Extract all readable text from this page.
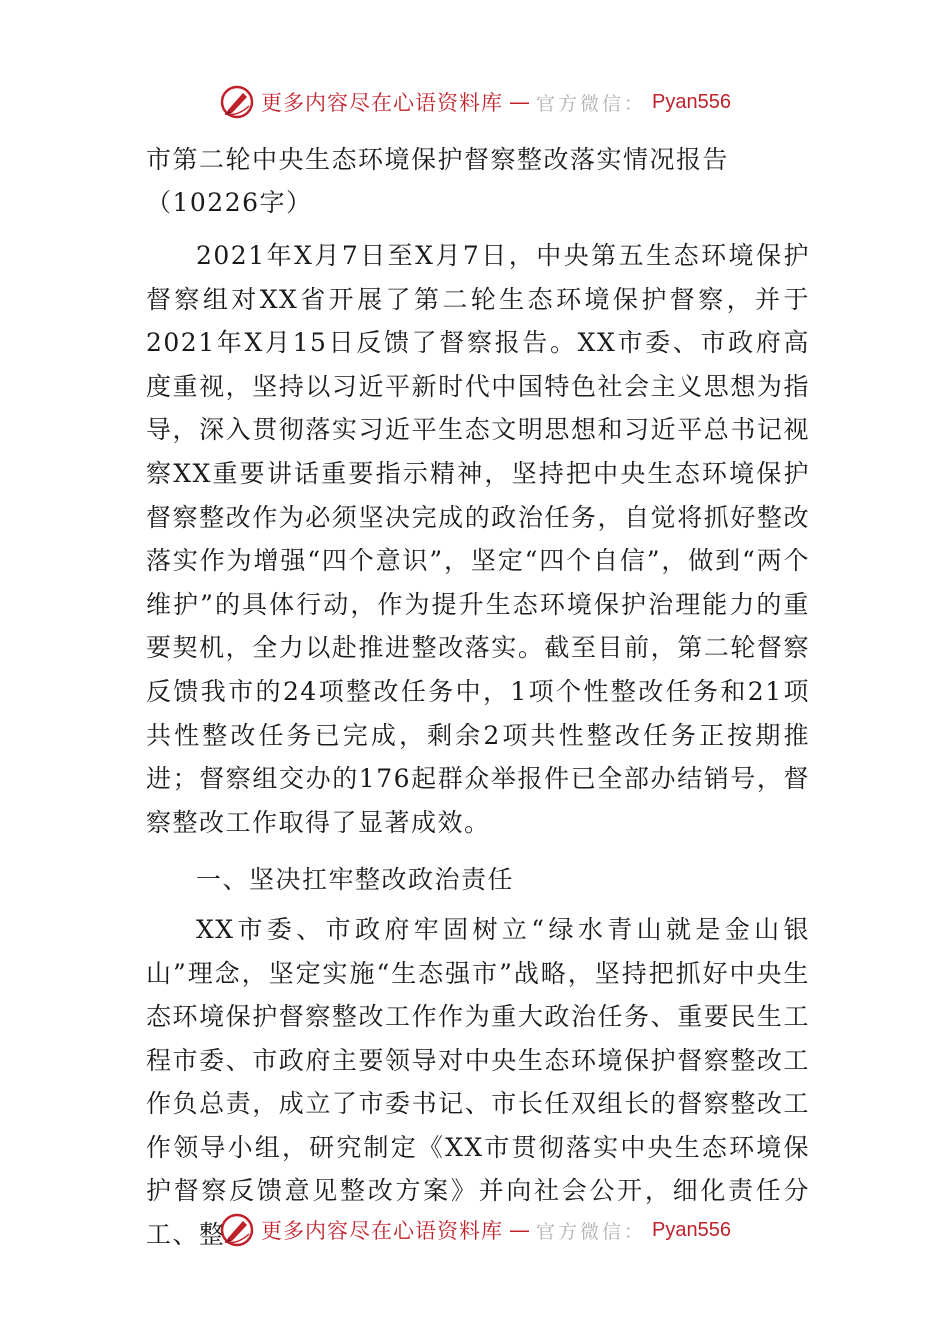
更多内容尽在心语资料库 — 官方微信： Pyan556
市第二轮中央生态环境保护督察整改落实情况报告（10226字）

2021年X月7日至X月7日，中央第五生态环境保护督察组对XX省开展了第二轮生态环境保护督察，并于2021年X月15日反馈了督察报告。XX市委、市政府高度重视，坚持以习近平新时代中国特色社会主义思想为指导，深入贯彻落实习近平生态文明思想和习近平总书记视察XX重要讲话重要指示精神，坚持把中央生态环境保护督察整改作为必须坚决完成的政治任务，自觉将抓好整改落实作为增强“四个意识”，坚定“四个自信”，做到“两个维护”的具体行动，作为提升生态环境保护治理能力的重要契机，全力以赴推进整改落实。截至目前，第二轮督察反馈我市的24项整改任务中，1项个性整改任务和21项共性整改任务已完成，剩余2项共性整改任务正按期推进；督察组交办的176起群众举报件已全部办结销号，督察整改工作取得了显著成效。

一、坚决扛牢整改政治责任

XX市委、市政府牢固树立“绿水青山就是金山银山”理念，坚定实施“生态强市”战略，坚持把抓好中央生态环境保护督察整改工作作为重大政治任务、重要民生工程市委、市政府主要领导对中央生态环境保护督察整改工作负总责，成立了市委书记、市长任双组长的督察整改工作领导小组，研究制定《XX市贯彻落实中央生态环境保护督察反馈意见整改方案》并向社会公开，细化责任分工、整	更多内容尽在心语资料库 — 官方微信： Pyan556
